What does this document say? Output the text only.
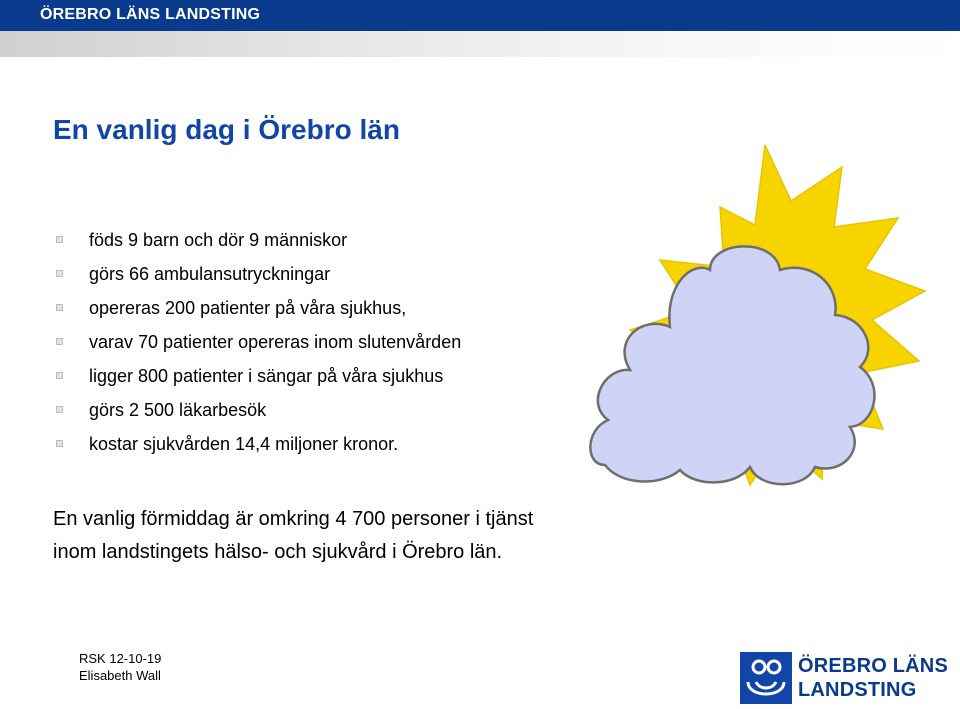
ÖREBRO LÄNS LANDSTING
En vanlig dag i Örebro län
föds 9 barn och dör 9 människor
görs 66 ambulansutryckningar
opereras 200 patienter på våra sjukhus,
varav 70 patienter opereras inom slutenvården
ligger 800 patienter i sängar på våra sjukhus
görs 2 500 läkarbesök
kostar sjukvården 14,4 miljoner kronor.

En vanlig förmiddag är omkring 4 700 personer i tjänst
inom landstingets hälso- och sjukvård i Örebro län.

RSK 12-10-19
Elisabeth Wall	ÖREBRO LÄNS
LANDSTING
